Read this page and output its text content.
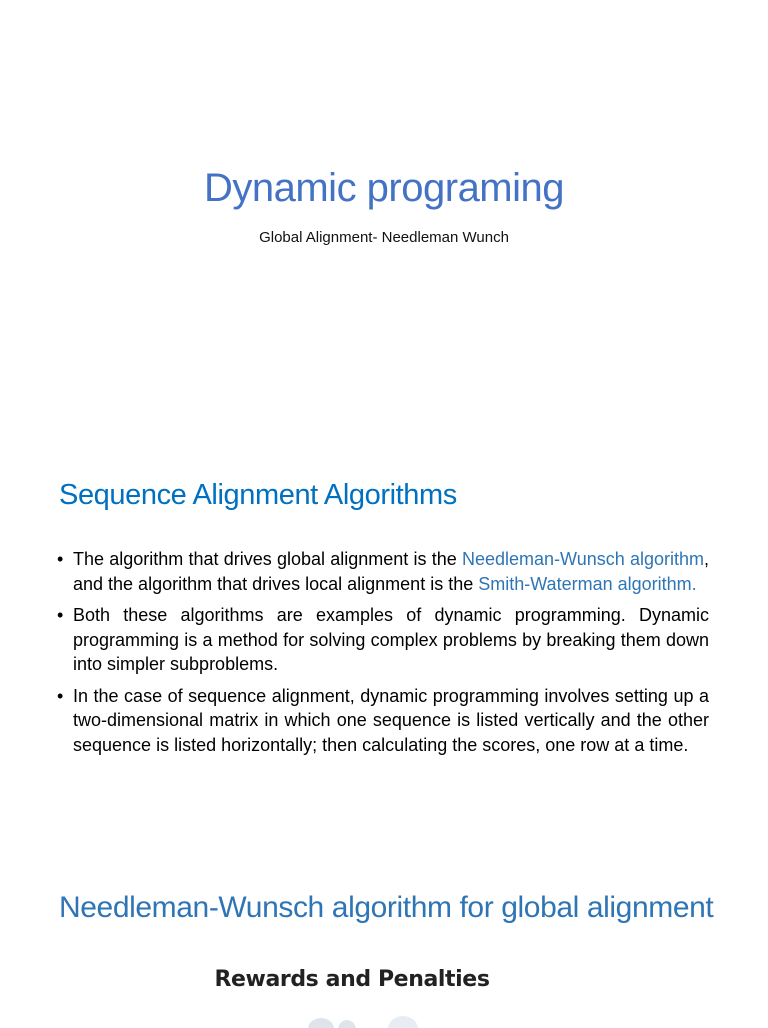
Dynamic programing
Global Alignment- Needleman Wunch
Sequence Alignment Algorithms
• The algorithm that drives global alignment is the Needleman-Wunsch algorithm, and the algorithm that drives local alignment is the Smith-Waterman algorithm.
• Both these algorithms are examples of dynamic programming. Dynamic programming is a method for solving complex problems by breaking them down into simpler subproblems.
• In the case of sequence alignment, dynamic programming involves setting up a two-dimensional matrix in which one sequence is listed vertically and the other sequence is listed horizontally; then calculating the scores, one row at a time.
Needleman-Wunsch algorithm for global alignment
Rewards and Penalties
